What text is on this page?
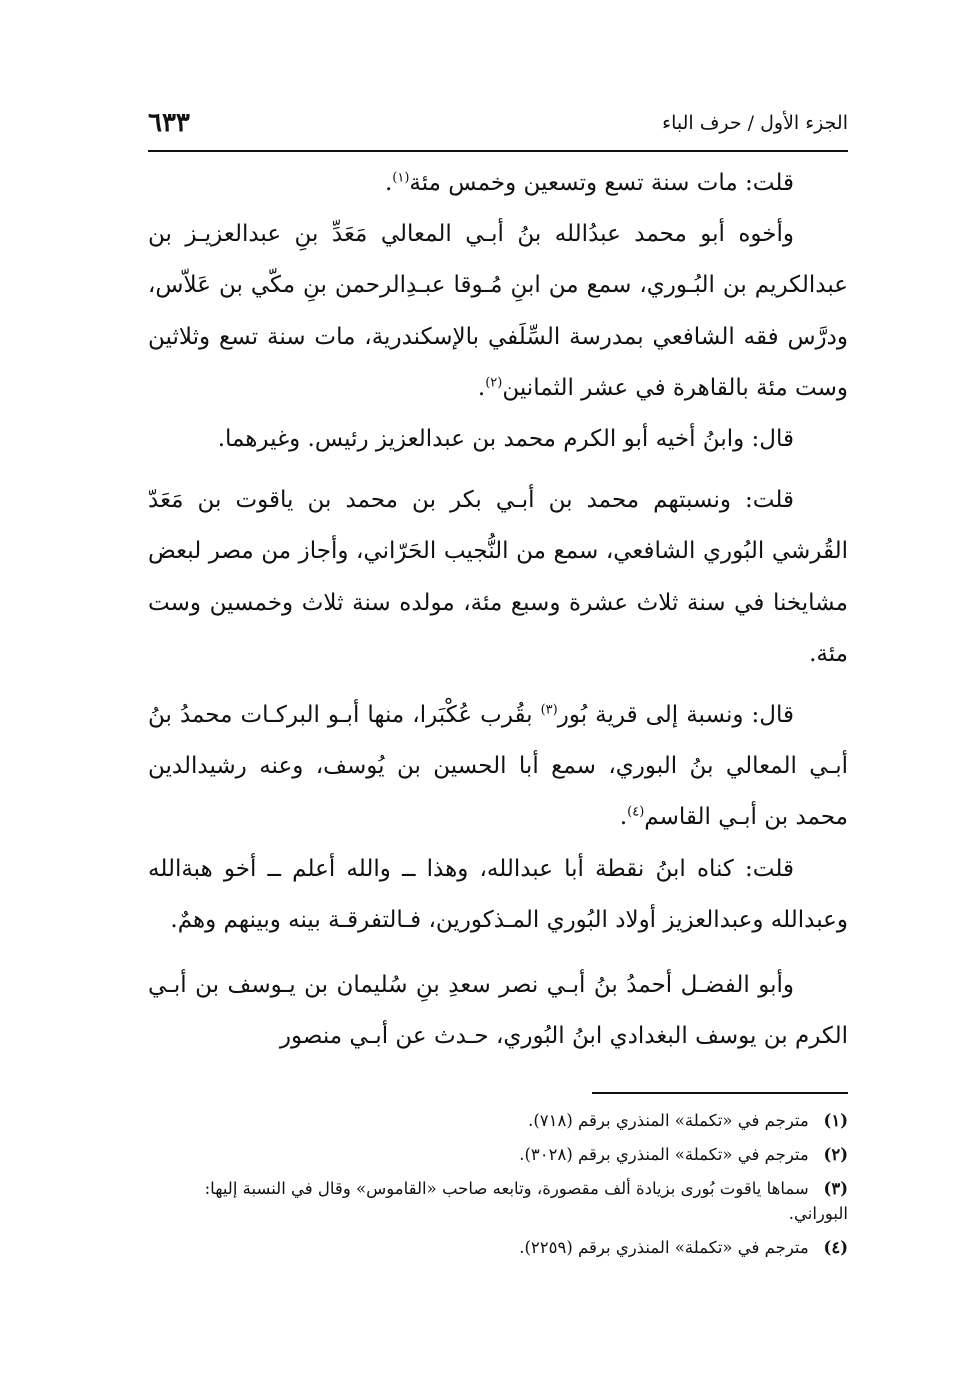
الجزء الأول / حرف الباء
٦٣٣

قلت: مات سنة تسع وتسعين وخمس مئة$^{(١)}$.

وأخوه أبو محمد عبدُالله بنُ أبـي المعالي مَعَدِّ بنِ عبدالعزيـز بن عبدالكريم بن البُـوري، سمع من ابنِ مُـوقا عبـدِالرحمن بنِ مكّي بن عَلاّس، ودرَّس فقه الشافعي بمدرسة السِّلَفي بالإسكندرية، مات سنة تسع وثلاثين وست مئة بالقاهرة في عشر الثمانين$^{(٢)}$.

قال: وابنُ أخيه أبو الكرم محمد بن عبدالعزيز رئيس. وغيرهما.

قلت: ونسبتهم محمد بن أبـي بكر بن محمد بن ياقوت بن مَعَدّ القُرشي البُوري الشافعي، سمع من النُّجيب الحَرّاني، وأجاز من مصر لبعض مشايخنا في سنة ثلاث عشرة وسبع مئة، مولده سنة ثلاث وخمسين وست مئة.

قال: ونسبة إلى قرية بُور$^{(٣)}$ بقُرب عُكْبَرا، منها أبـو البركـات محمدُ بنُ أبـي المعالي بنُ البوري، سمع أبا الحسين بن يُوسف، وعنه رشيدالدين محمد بن أبـي القاسم$^{(٤)}$.

قلت: كناه ابنُ نقطة أبا عبدالله، وهذا ــ والله أعلم ــ أخو هبةالله وعبدالله وعبدالعزيز أولاد البُوري المـذكورين، فـالتفرقـة بينه وبينهم وهمٌ.

وأبو الفضـل أحمدُ بنُ أبـي نصر سعدِ بنِ سُليمان بن يـوسف بن أبـي الكرم بن يوسف البغدادي ابنُ البُوري، حـدث عن أبـي منصور

(١) مترجم في «تكملة» المنذري برقم (٧١٨).

(٢) مترجم في «تكملة» المنذري برقم (٣٠٢٨).

(٣) سماها ياقوت بُورى بزيادة ألف مقصورة، وتابعه صاحب «القاموس» وقال في النسبة إليها: البوراني.

(٤) مترجم في «تكملة» المنذري برقم (٢٢٥٩).
